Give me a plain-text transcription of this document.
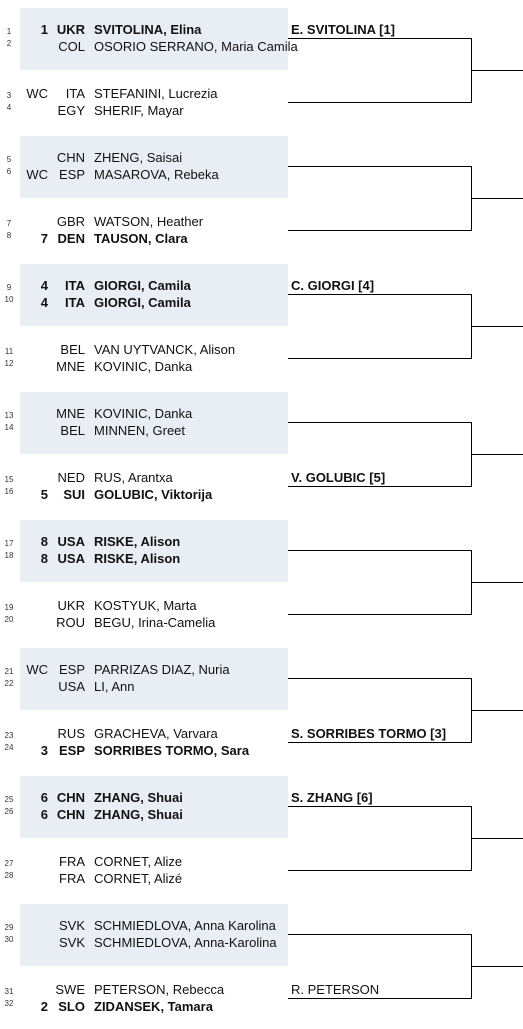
1	1 UKR SVITOLINA, Elina
2	COL OSORIO SERRANO, Maria Camila
3	WC	ITA STEFANINI, Lucrezia
4	EGY SHERIF, Mayar
5	CHN ZHENG, Saisai
6	WC ESP MASAROVA, Rebeka
7	GBR WATSON, Heather
8	7 DEN TAUSON, Clara
9	4	ITA GIORGI, Camila
10	4	ITA GIORGI, Camila
11	BEL VAN UYTVANCK, Alison
12	MNE KOVINIC, Danka
13	MNE KOVINIC, Danka
14	BEL MINNEN, Greet
15	NED RUS, Arantxa
16	5	SUI GOLUBIC, Viktorija
17	8 USA RISKE, Alison
18	8 USA RISKE, Alison
19	UKR KOSTYUK, Marta
20	ROU BEGU, Irina-Camelia
21 WC ESP PARRIZAS DIAZ, Nuria
22	USA LI, Ann
23	RUS GRACHEVA, Varvara
24	3 ESP SORRIBES TORMO, Sara
25	6 CHN ZHANG, Shuai
26	6 CHN ZHANG, Shuai
27	FRA CORNET, Alize
28	FRA CORNET, Alizé
29	SVK SCHMIEDLOVA, Anna Karolina
30	SVK SCHMIEDLOVA, Anna-Karolina
31	SWE PETERSON, Rebecca
32	2 SLO ZIDANSEK, Tamara
E. SVITOLINA [1]
C. GIORGI [4]
V. GOLUBIC [5]
S. SORRIBES TORMO [3]
S. ZHANG [6]
R. PETERSON
